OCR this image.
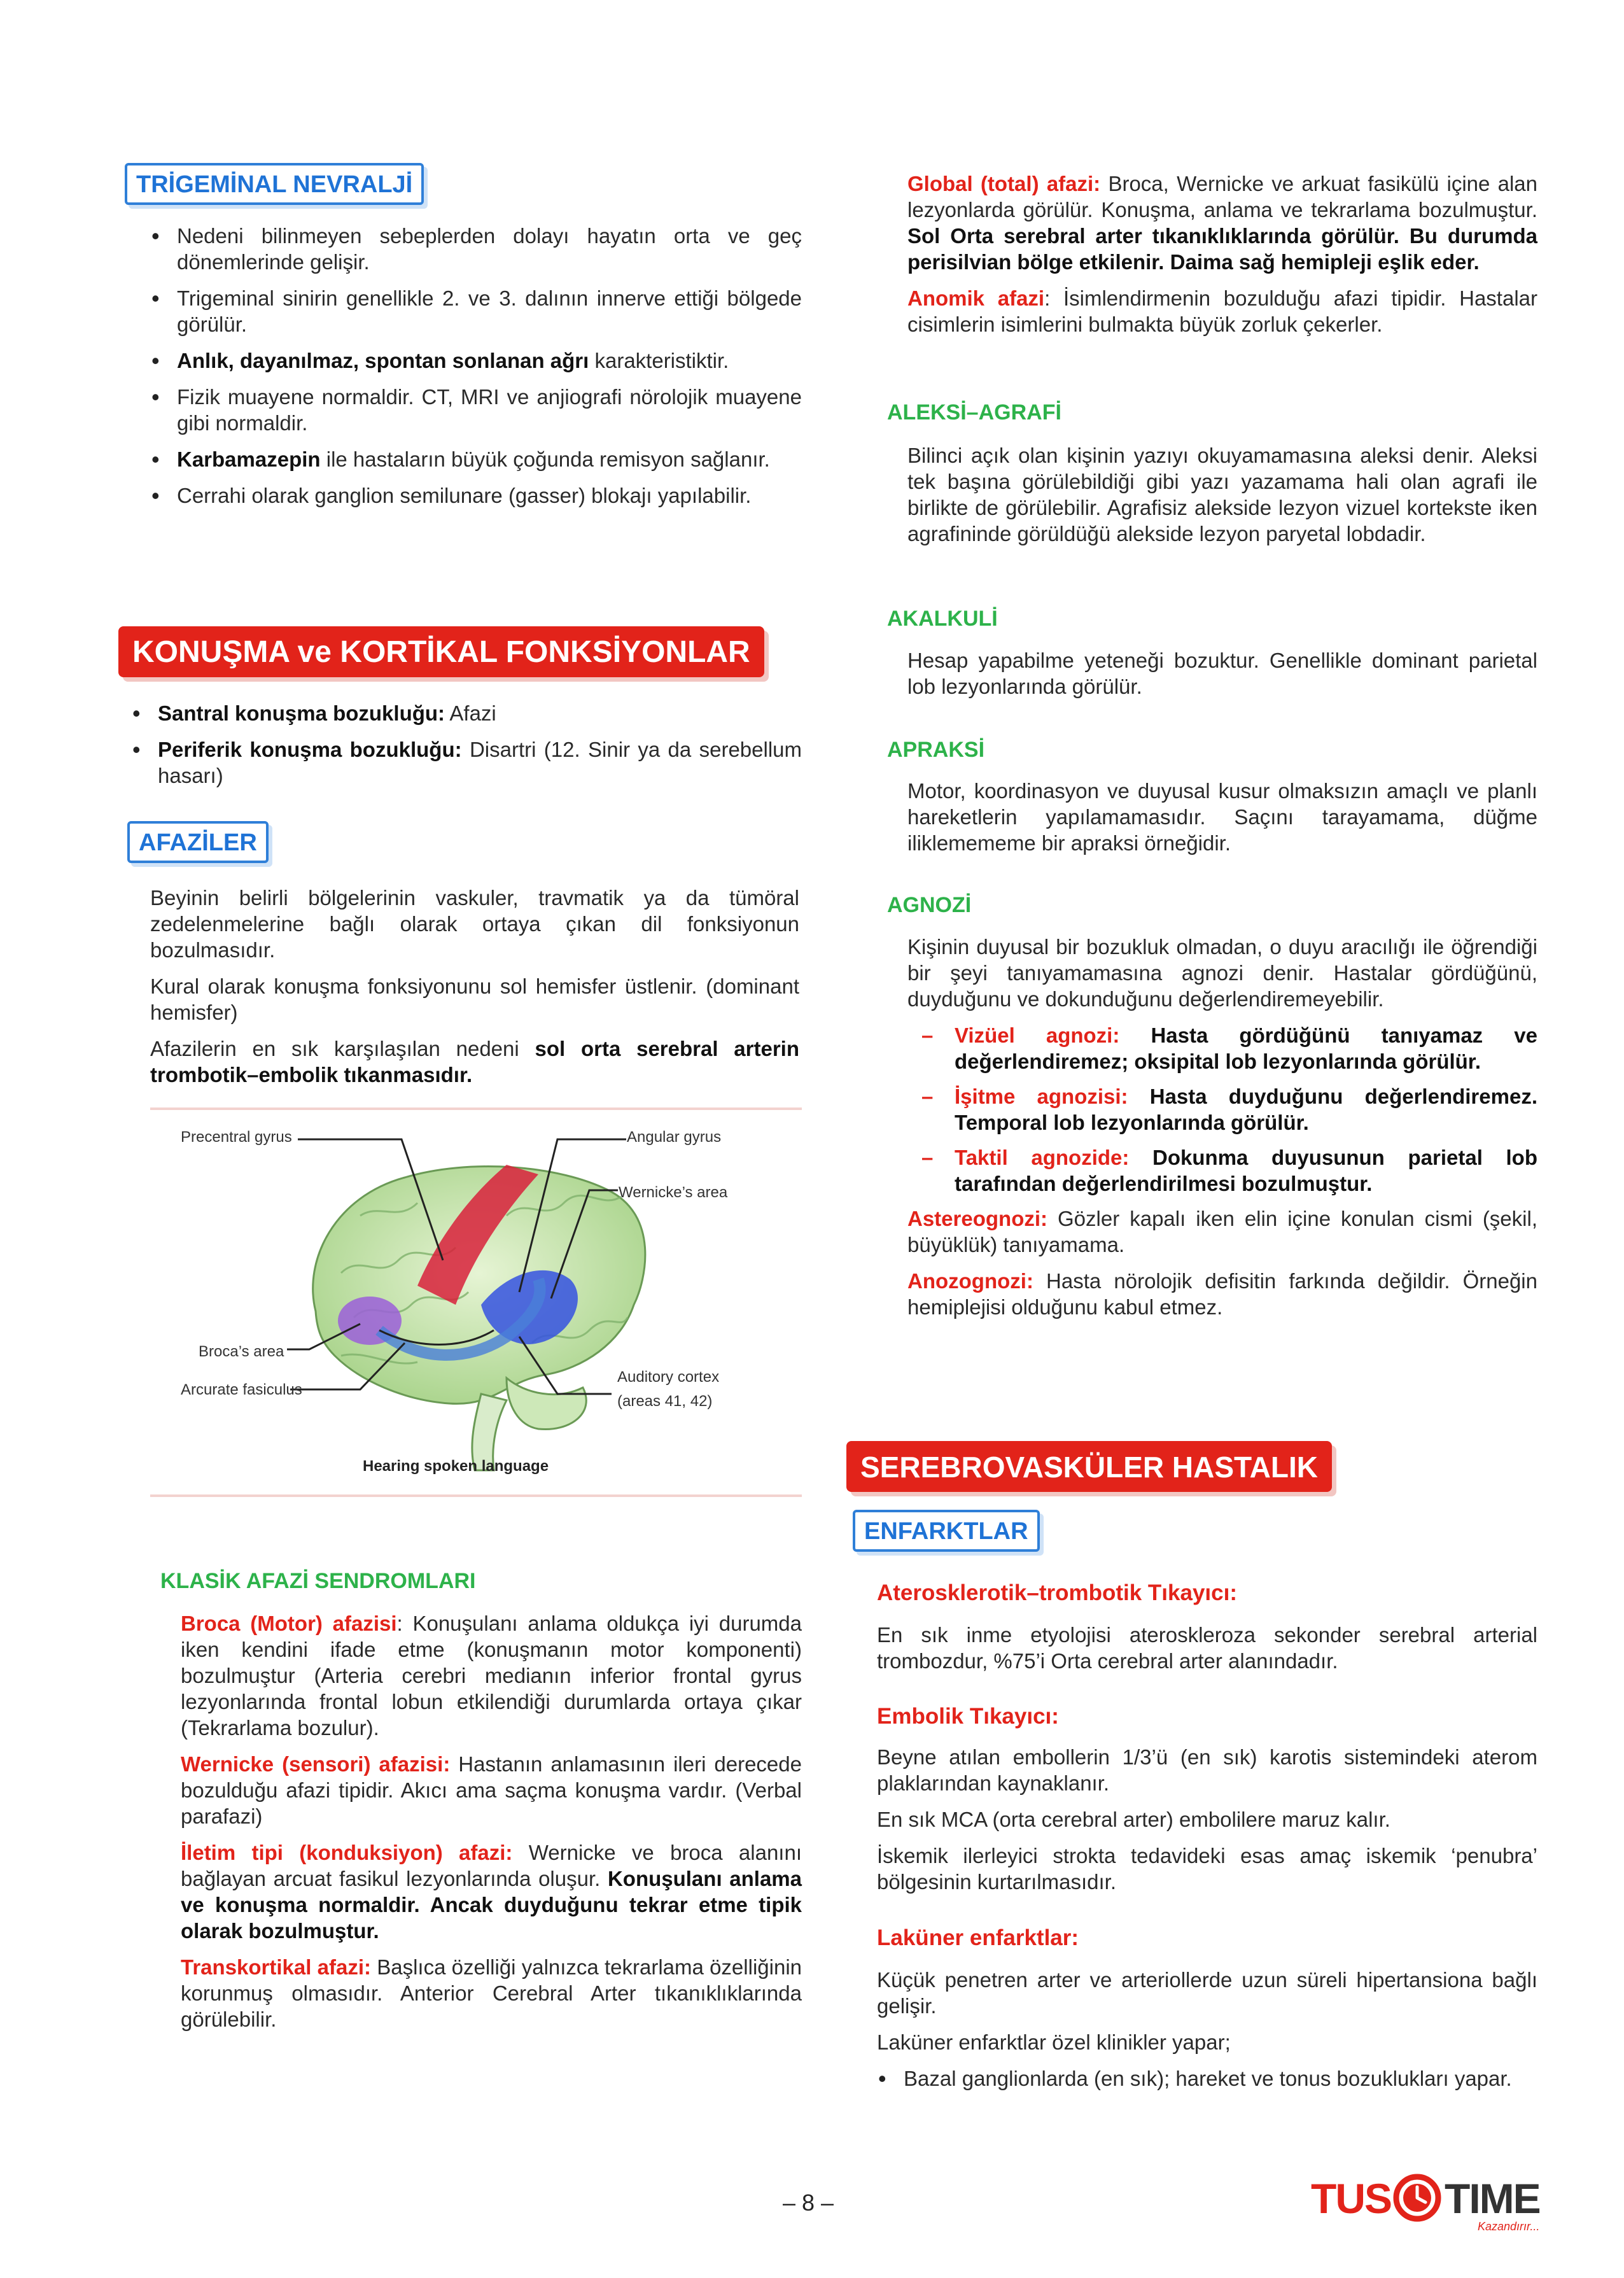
TRİGEMİNAL NEVRALJİ
• Nedeni bilinmeyen sebeplerden dolayı hayatın orta ve geç dönemlerinde gelişir.
• Trigeminal sinirin genellikle 2. ve 3. dalının innerve ettiği bölgede görülür.
• Anlık, dayanılmaz, spontan sonlanan ağrı karakteristiktir.
• Fizik muayene normaldir. CT, MRI ve anjiografi nörolojik muayene gibi normaldir.
• Karbamazepin ile hastaların büyük çoğunda remisyon sağlanır.
• Cerrahi olarak ganglion semilunare (gasser) blokajı yapılabilir.
KONUŞMA ve KORTİKAL FONKSİYONLAR
• Santral konuşma bozukluğu: Afazi
• Periferik konuşma bozukluğu: Disartri (12. Sinir ya da serebellum hasarı)
AFAZİLER

Beyinin belirli bölgelerinin vaskuler, travmatik ya da tümöral zedelenmelerine bağlı olarak ortaya çıkan dil fonksiyonun bozulmasıdır.

Kural olarak konuşma fonksiyonunu sol hemisfer üstlenir. (dominant hemisfer)

Afazilerin en sık karşılaşılan nedeni sol orta serebral arterin trombotik–embolik tıkanmasıdır.

Precentral gyrus	Angular gyrus
Wernicke’s area
Broca’s area
Arcurate fasiculus
Auditory cortex
(areas 41, 42)
Hearing spoken language
KLASİK AFAZİ SENDROMLARI

Broca (Motor) afazisi: Konuşulanı anlama oldukça iyi durumda iken kendini ifade etme (konuşmanın motor komponenti) bozulmuştur (Arteria cerebri medianın inferior frontal gyrus lezyonlarında frontal lobun etkilendiği durumlarda ortaya çıkar (Tekrarlama bozulur).

Wernicke (sensori) afazisi: Hastanın anlamasının ileri derecede bozulduğu afazi tipidir. Akıcı ama saçma konuşma vardır. (Verbal parafazi)

İletim tipi (konduksiyon) afazi: Wernicke ve broca alanını bağlayan arcuat fasikul lezyonlarında oluşur. Konuşulanı anlama ve konuşma normaldir. Ancak duyduğunu tekrar etme tipik olarak bozulmuştur.

Transkortikal afazi: Başlıca özelliği yalnızca tekrarlama özelliğinin korunmuş olmasıdır. Anterior Cerebral Arter tıkanıklıklarında görülebilir.

Global (total) afazi: Broca, Wernicke ve arkuat fasikülü içine alan lezyonlarda görülür. Konuşma, anlama ve tekrarlama bozulmuştur. Sol Orta serebral arter tıkanıklıklarında görülür. Bu durumda perisilvian bölge etkilenir. Daima sağ hemipleji eşlik eder.

Anomik afazi: İsimlendirmenin bozulduğu afazi tipidir. Hastalar cisimlerin isimlerini bulmakta büyük zorluk çekerler.

ALEKSİ–AGRAFİ

Bilinci açık olan kişinin yazıyı okuyamamasına aleksi denir. Aleksi tek başına görülebildiği gibi yazı yazamama hali olan agrafi ile birlikte de görülebilir. Agrafisiz alekside lezyon vizuel kortekste iken agrafininde görüldüğü alekside lezyon paryetal lobdadir.

AKALKULİ

Hesap yapabilme yeteneği bozuktur. Genellikle dominant parietal lob lezyonlarında görülür.

APRAKSİ

Motor, koordinasyon ve duyusal kusur olmaksızın amaçlı ve planlı hareketlerin yapılamamasıdır. Saçını tarayamama, düğme iliklemememe bir apraksi örneğidir.

AGNOZİ

Kişinin duyusal bir bozukluk olmadan, o duyu aracılığı ile öğrendiği bir şeyi tanıyamamasına agnozi denir. Hastalar gördüğünü, duyduğunu ve dokunduğunu değerlendiremeyebilir.

– Vizüel agnozi: Hasta gördüğünü tanıyamaz ve değerlendiremez; oksipital lob lezyonlarında görülür.
– İşitme agnozisi: Hasta duyduğunu değerlendiremez. Temporal lob lezyonlarında görülür.
– Taktil agnozide: Dokunma duyusunun parietal lob tarafından değerlendirilmesi bozulmuştur.

Astereognozi: Gözler kapalı iken elin içine konulan cismi (şekil, büyüklük) tanıyamama.

Anozognozi: Hasta nörolojik defisitin farkında değildir. Örneğin hemiplejisi olduğunu kabul etmez.

SEREBROVASKÜLER HASTALIK
ENFARKTLAR
Aterosklerotik–trombotik Tıkayıcı:

En sık inme etyolojisi ateroskleroza sekonder serebral arterial trombozdur, %75’i Orta cerebral arter alanındadır.

Embolik Tıkayıcı:

Beyne atılan embollerin 1/3’ü (en sık) karotis sistemindeki aterom plaklarından kaynaklanır.

En sık MCA (orta cerebral arter) embolilere maruz kalır.

İskemik ilerleyici strokta tedavideki esas amaç iskemik ‘penubra’ bölgesinin kurtarılmasıdır.

Laküner enfarktlar:

Küçük penetren arter ve arteriollerde uzun süreli hipertansiona bağlı gelişir.

Laküner enfarktlar özel klinikler yapar;

• Bazal ganglionlarda (en sık); hareket ve tonus bozuklukları yapar.
– 8 –	TUS TIME
Kazandırır...
